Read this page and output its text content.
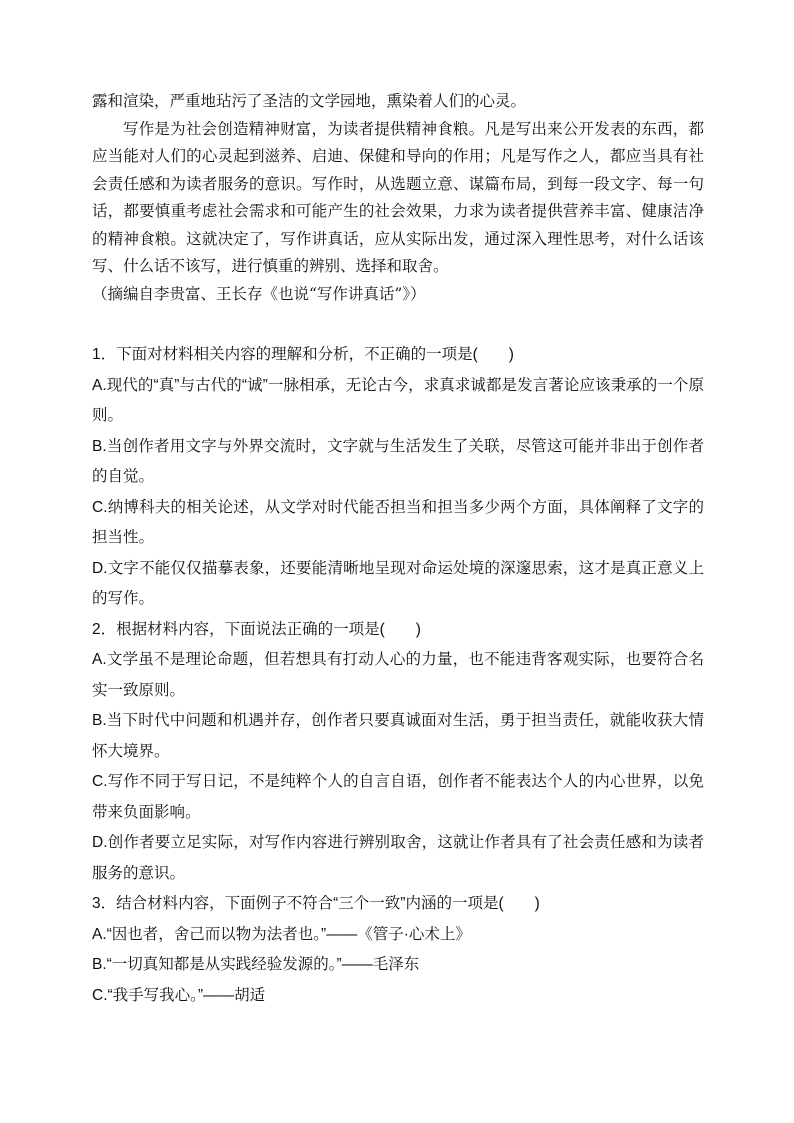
露和渲染，严重地玷污了圣洁的文学园地，熏染着人们的心灵。

写作是为社会创造精神财富，为读者提供精神食粮。凡是写出来公开发表的东西，都应当能对人们的心灵起到滋养、启迪、保健和导向的作用；凡是写作之人，都应当具有社会责任感和为读者服务的意识。写作时，从选题立意、谋篇布局，到每一段文字、每一句话，都要慎重考虑社会需求和可能产生的社会效果，力求为读者提供营养丰富、健康洁净的精神食粮。这就决定了，写作讲真话，应从实际出发，通过深入理性思考，对什么话该写、什么话不该写，进行慎重的辨别、选择和取舍。

（摘编自李贵富、王长存《也说“写作讲真话”》）

1．下面对材料相关内容的理解和分析，不正确的一项是(　　)

A.现代的“真”与古代的“诚”一脉相承，无论古今，求真求诚都是发言著论应该秉承的一个原则。

B.当创作者用文字与外界交流时，文字就与生活发生了关联，尽管这可能并非出于创作者的自觉。

C.纳博科夫的相关论述，从文学对时代能否担当和担当多少两个方面，具体阐释了文字的担当性。

D.文字不能仅仅描摹表象，还要能清晰地呈现对命运处境的深邃思索，这才是真正意义上的写作。

2．根据材料内容，下面说法正确的一项是(　　)

A.文学虽不是理论命题，但若想具有打动人心的力量，也不能违背客观实际，也要符合名实一致原则。

B.当下时代中问题和机遇并存，创作者只要真诚面对生活，勇于担当责任，就能收获大情怀大境界。

C.写作不同于写日记，不是纯粹个人的自言自语，创作者不能表达个人的内心世界，以免带来负面影响。

D.创作者要立足实际，对写作内容进行辨别取舍，这就让作者具有了社会责任感和为读者服务的意识。

3．结合材料内容，下面例子不符合“三个一致”内涵的一项是(　　)

A.“因也者，舍己而以物为法者也。”——《管子·心术上》

B.“一切真知都是从实践经验发源的。”——毛泽东

C.“我手写我心。”——胡适
